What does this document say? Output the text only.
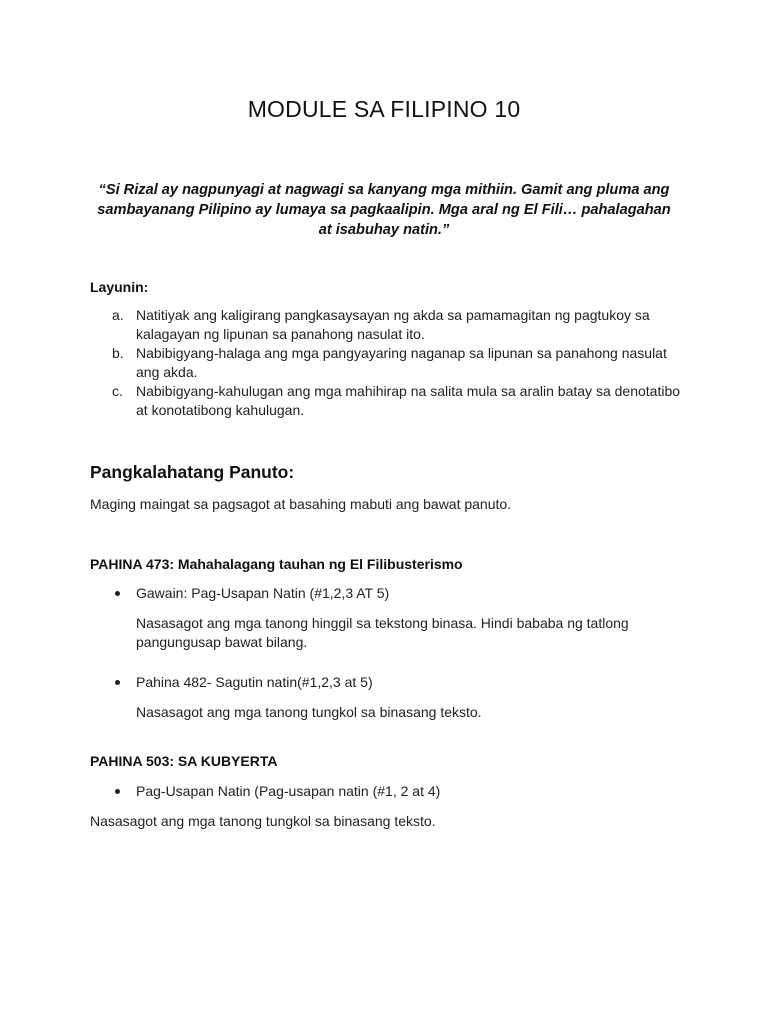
MODULE SA FILIPINO 10

“Si Rizal ay nagpunyagi at nagwagi sa kanyang mga mithiin. Gamit ang pluma ang sambayanang Pilipino ay lumaya sa pagkaalipin. Mga aral ng El Fili… pahalagahan at isabuhay natin.”

Layunin:
a. Natitiyak ang kaligirang pangkasaysayan ng akda sa pamamagitan ng pagtukoy sa kalagayan ng lipunan sa panahong nasulat ito.
b. Nabibigyang-halaga ang mga pangyayaring naganap sa lipunan sa panahong nasulat ang akda.
c. Nabibigyang-kahulugan ang mga mahihirap na salita mula sa aralin batay sa denotatibo at konotatibong kahulugan.
Pangkalahatang Panuto:

Maging maingat sa pagsagot at basahing mabuti ang bawat panuto.

PAHINA 473: Mahahalagang tauhan ng El Filibusterismo
Gawain: Pag-Usapan Natin (#1,2,3 AT 5)

Nasasagot ang mga tanong hinggil sa tekstong binasa. Hindi bababa ng tatlong pangungusap bawat bilang.

Pahina 482- Sagutin natin(#1,2,3 at 5)

Nasasagot ang mga tanong tungkol sa binasang teksto.

PAHINA 503: SA KUBYERTA
Pag-Usapan Natin (Pag-usapan natin (#1, 2 at 4)

Nasasagot ang mga tanong tungkol sa binasang teksto.
